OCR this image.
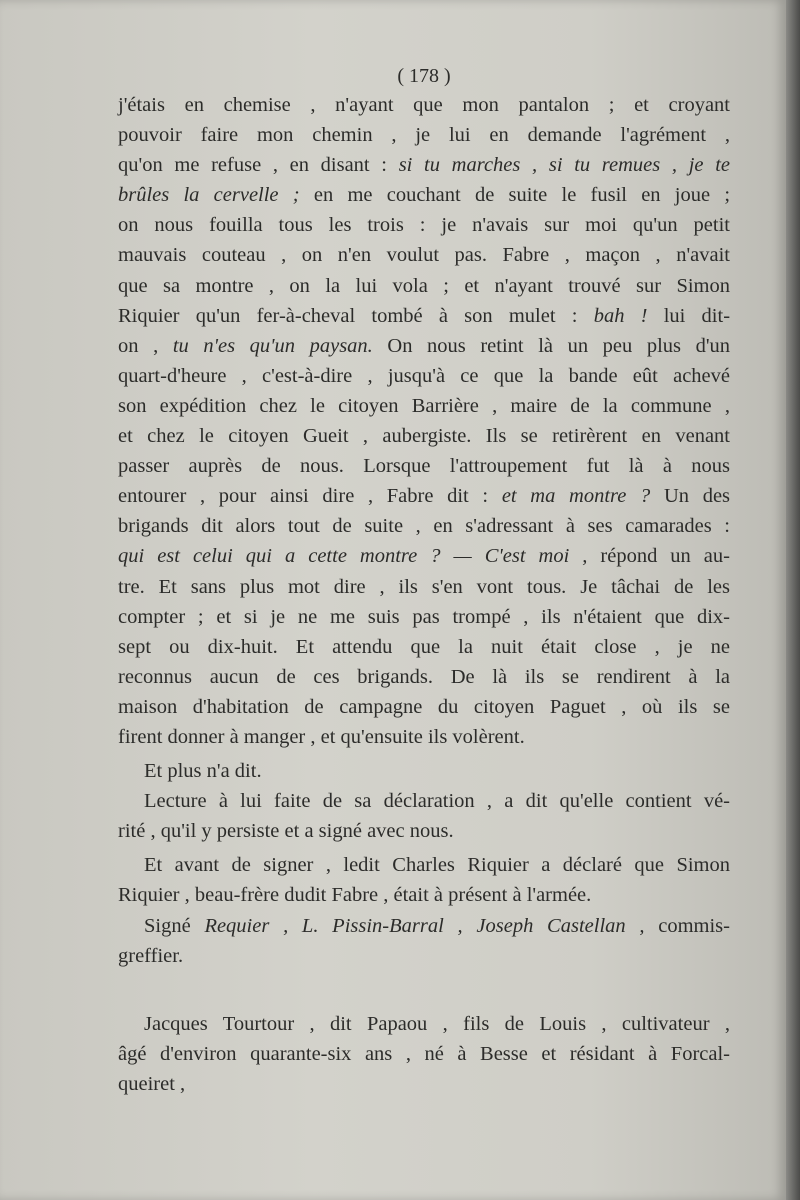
( 178 )
j'étais en chemise , n'ayant que mon pantalon ; et croyant
pouvoir faire mon chemin , je lui en demande l'agrément ,
qu'on me refuse , en disant : si tu marches , si tu remues , je te
brûles la cervelle ; en me couchant de suite le fusil en joue ;
on nous fouilla tous les trois : je n'avais sur moi qu'un petit
mauvais couteau , on n'en voulut pas. Fabre , maçon , n'avait
que sa montre , on la lui vola ; et n'ayant trouvé sur Simon
Riquier qu'un fer-à-cheval tombé à son mulet : bah ! lui dit-
on , tu n'es qu'un paysan. On nous retint là un peu plus d'un
quart-d'heure , c'est-à-dire , jusqu'à ce que la bande eût achevé
son expédition chez le citoyen Barrière , maire de la commune ,
et chez le citoyen Gueit , aubergiste. Ils se retirèrent en venant
passer auprès de nous. Lorsque l'attroupement fut là à nous
entourer , pour ainsi dire , Fabre dit : et ma montre ? Un des
brigands dit alors tout de suite , en s'adressant à ses camarades :
qui est celui qui a cette montre ? — C'est moi , répond un au-
tre. Et sans plus mot dire , ils s'en vont tous. Je tâchai de les
compter ; et si je ne me suis pas trompé , ils n'étaient que dix-
sept ou dix-huit. Et attendu que la nuit était close , je ne
reconnus aucun de ces brigands. De là ils se rendirent à la
maison d'habitation de campagne du citoyen Paguet , où ils se
firent donner à manger , et qu'ensuite ils volèrent.
Et plus n'a dit.
Lecture à lui faite de sa déclaration , a dit qu'elle contient vé-
rité , qu'il y persiste et a signé avec nous.
Et avant de signer , ledit Charles Riquier a déclaré que Simon
Riquier , beau-frère dudit Fabre , était à présent à l'armée.
Signé Requier , L. Pissin-Barral , Joseph Castellan , commis-
greffier.
Jacques Tourtour , dit Papaou , fils de Louis , cultivateur ,
âgé d'environ quarante-six ans , né à Besse et résidant à Forcal-
queiret ,
